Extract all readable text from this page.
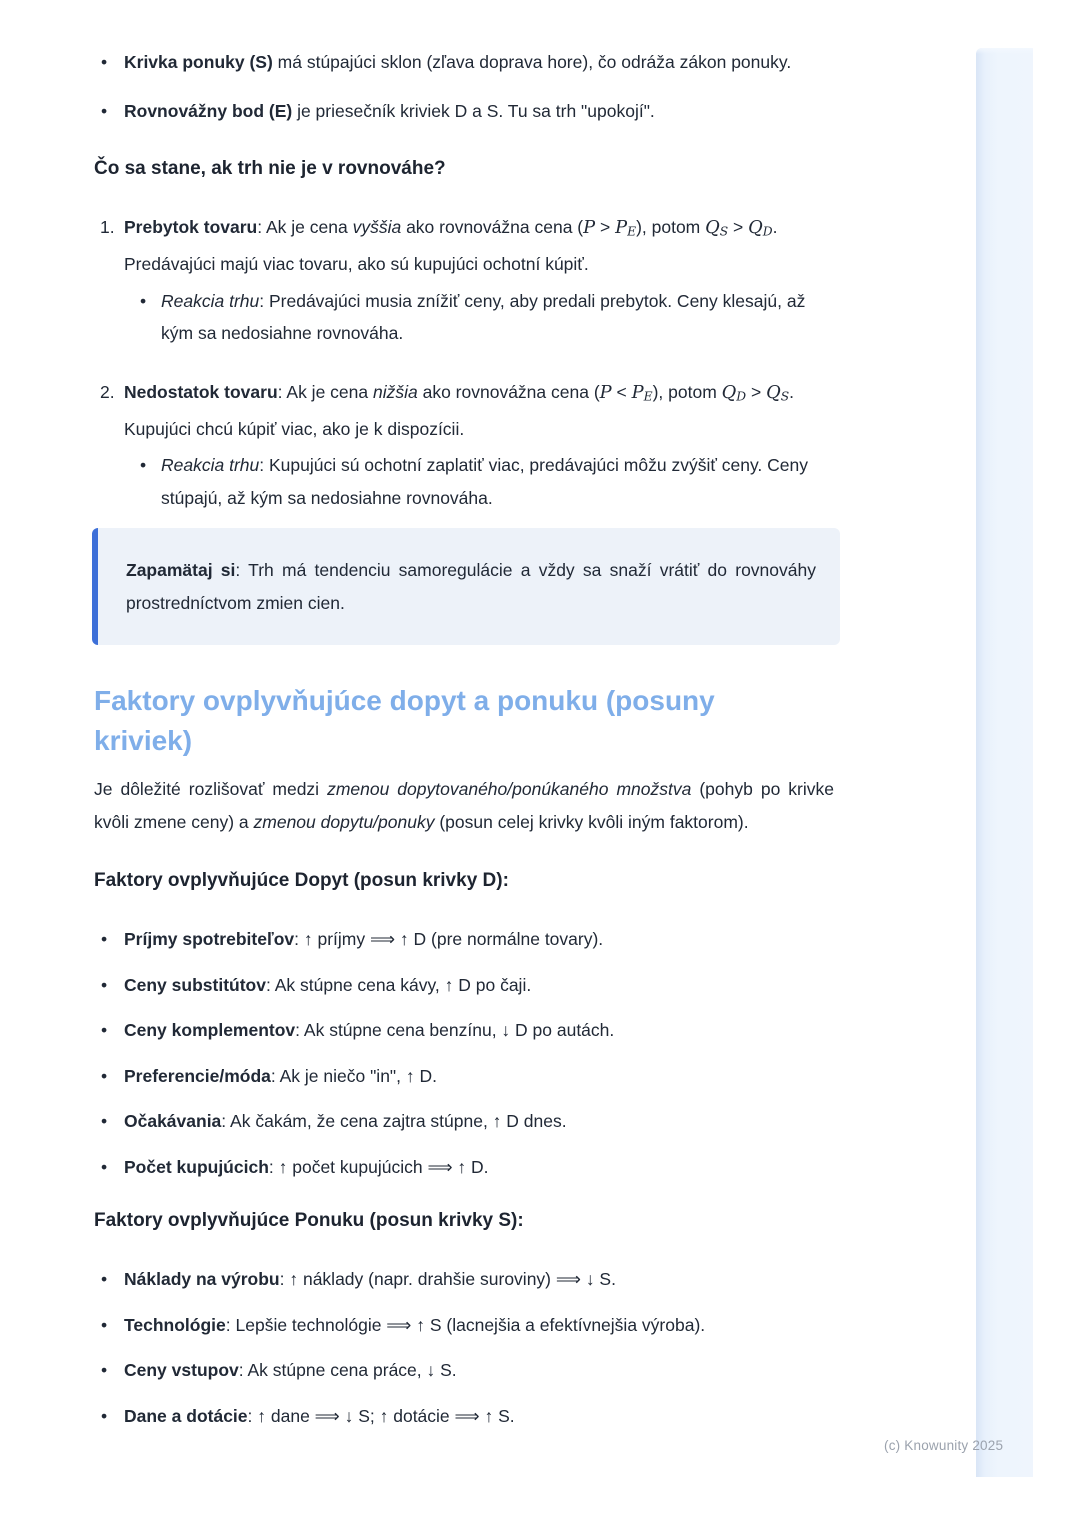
•
Krivka ponuky (S) má stúpajúci sklon (zľava doprava hore), čo odráža zákon ponuky.
•
Rovnovážny bod (E) je priesečník kriviek D a S. Tu sa trh "upokojí".
Čo sa stane, ak trh nie je v rovnováhe?
1. Prebytok tovaru: Ak je cena vyššia ako rovnovážna cena (P > PE), potom QS > QD. Predávajúci majú viac tovaru, ako sú kupujúci ochotní kúpiť.
•
Reakcia trhu: Predávajúci musia znížiť ceny, aby predali prebytok. Ceny klesajú, až kým sa nedosiahne rovnováha.
2. Nedostatok tovaru: Ak je cena nižšia ako rovnovážna cena (P < PE), potom QD > QS. Kupujúci chcú kúpiť viac, ako je k dispozícii.
•
Reakcia trhu: Kupujúci sú ochotní zaplatiť viac, predávajúci môžu zvýšiť ceny. Ceny stúpajú, až kým sa nedosiahne rovnováha.
Zapamätaj si: Trh má tendenciu samoregulácie a vždy sa snaží vrátiť do rovnováhy prostredníctvom zmien cien.
Faktory ovplyvňujúce dopyt a ponuku (posuny kriviek)

Je dôležité rozlišovať medzi zmenou dopytovaného/ponúkaného množstva (pohyb po krivke kvôli zmene ceny) a zmenou dopytu/ponuky (posun celej krivky kvôli iným faktorom).

Faktory ovplyvňujúce Dopyt (posun krivky D):
•
Príjmy spotrebiteľov: ↑ príjmy ⟹ ↑ D (pre normálne tovary).
•
Ceny substitútov: Ak stúpne cena kávy, ↑ D po čaji.
•
Ceny komplementov: Ak stúpne cena benzínu, ↓ D po autách.
•
Preferencie/móda: Ak je niečo "in", ↑ D.
•
Očakávania: Ak čakám, že cena zajtra stúpne, ↑ D dnes.
•
Počet kupujúcich: ↑ počet kupujúcich ⟹ ↑ D.
Faktory ovplyvňujúce Ponuku (posun krivky S):
•
Náklady na výrobu: ↑ náklady (napr. drahšie suroviny) ⟹ ↓ S.
•
Technológie: Lepšie technológie ⟹ ↑ S (lacnejšia a efektívnejšia výroba).
•
Ceny vstupov: Ak stúpne cena práce, ↓ S.
•
Dane a dotácie: ↑ dane ⟹ ↓ S; ↑ dotácie ⟹ ↑ S.
(c) Knowunity 2025
